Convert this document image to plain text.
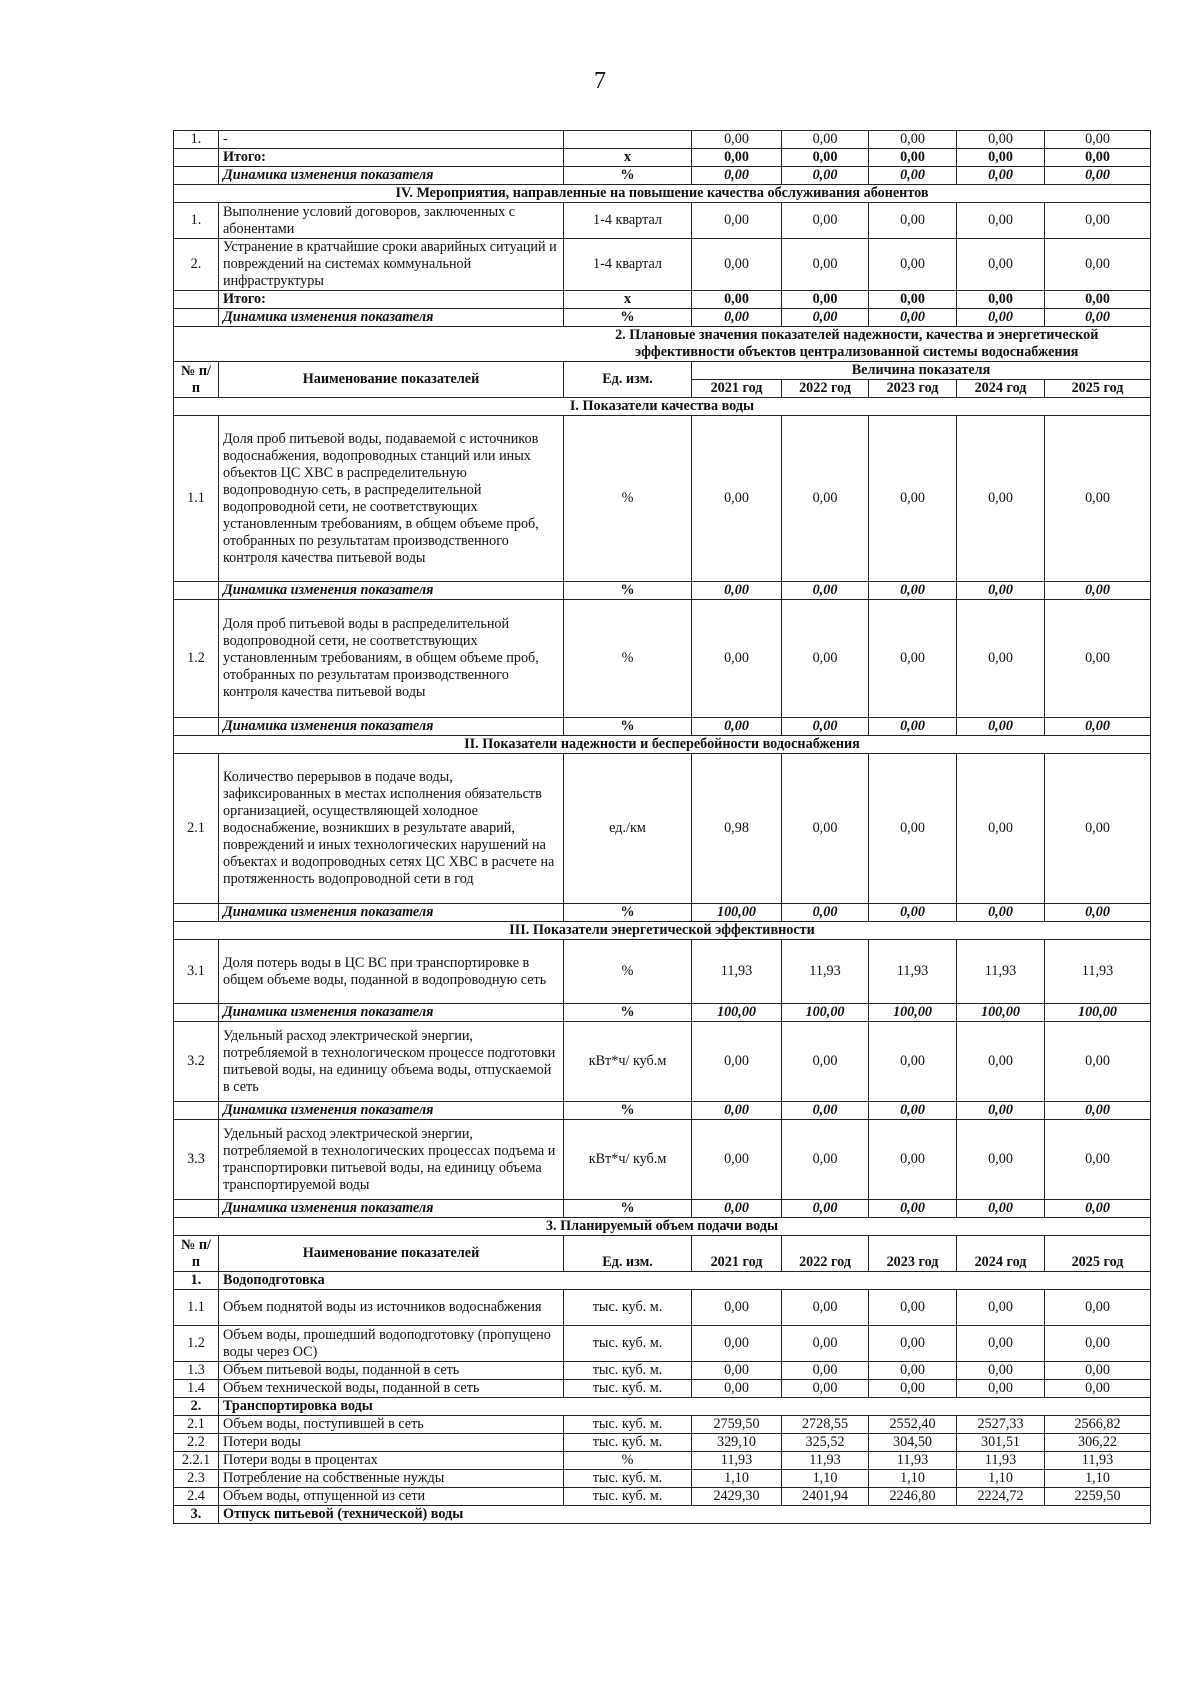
7
1.	-		0,00	0,00	0,00	0,00	0,00
	Итого:	x	0,00	0,00	0,00	0,00	0,00
	Динамика изменения показателя	%	0,00	0,00	0,00	0,00	0,00
IV. Мероприятия, направленные на повышение качества обслуживания абонентов							
1.	Выполнение условий договоров, заключенных с абонентами	1-4 квартал	0,00	0,00	0,00	0,00	0,00
2.	Устранение в кратчайшие сроки аварийных ситуаций и повреждений на системах коммунальной инфраструктуры	1-4 квартал	0,00	0,00	0,00	0,00	0,00
	Итого:	x	0,00	0,00	0,00	0,00	0,00
	Динамика изменения показателя	%	0,00	0,00	0,00	0,00	0,00
		2. Плановые значения показателей надежности, качества и энергетической эффективности объектов централизованной системы водоснабжения					
№ п/п	Наименование показателей	Ед. изм.	Величина показателя				
			2021 год	2022 год	2023 год	2024 год	2025 год
I. Показатели качества воды							
1.1	Доля проб питьевой воды, подаваемой с источников водоснабжения, водопроводных станций или иных объектов ЦС ХВС в распределительную водопроводную сеть, в распределительной водопроводной сети, не соответствующих установленным требованиям, в общем объеме проб, отобранных по результатам производственного контроля качества питьевой воды	%	0,00	0,00	0,00	0,00	0,00
	Динамика изменения показателя	%	0,00	0,00	0,00	0,00	0,00
1.2	Доля проб питьевой воды в распределительной водопроводной сети, не соответствующих установленным требованиям, в общем объеме проб, отобранных по результатам производственного контроля качества питьевой воды	%	0,00	0,00	0,00	0,00	0,00
	Динамика изменения показателя	%	0,00	0,00	0,00	0,00	0,00
II. Показатели надежности и бесперебойности водоснабжения							
2.1	Количество перерывов в подаче воды, зафиксированных в местах исполнения обязательств организацией, осуществляющей холодное водоснабжение, возникших в результате аварий, повреждений и иных технологических нарушений на объектах и водопроводных сетях ЦС ХВС в расчете на протяженность водопроводной сети в год	ед./км	0,98	0,00	0,00	0,00	0,00
	Динамика изменения показателя	%	100,00	0,00	0,00	0,00	0,00
III. Показатели энергетической эффективности							
3.1	Доля потерь воды в ЦС ВС при транспортировке в общем объеме воды, поданной в водопроводную сеть	%	11,93	11,93	11,93	11,93	11,93
	Динамика изменения показателя	%	100,00	100,00	100,00	100,00	100,00
3.2	Удельный расход электрической энергии, потребляемой в технологическом процессе подготовки питьевой воды, на единицу объема воды, отпускаемой в сеть	кВт*ч/ куб.м	0,00	0,00	0,00	0,00	0,00
	Динамика изменения показателя	%	0,00	0,00	0,00	0,00	0,00
3.3	Удельный расход электрической энергии, потребляемой в технологических процессах подъема и транспортировки питьевой воды, на единицу объема транспортируемой воды	кВт*ч/ куб.м	0,00	0,00	0,00	0,00	0,00
	Динамика изменения показателя	%	0,00	0,00	0,00	0,00	0,00
3. Планируемый объем подачи воды							
№ п/п	Наименование показателей	Ед. изм.	2021 год	2022 год	2023 год	2024 год	2025 год
1.	Водоподготовка						
1.1	Объем поднятой воды из источников водоснабжения	тыс. куб. м.	0,00	0,00	0,00	0,00	0,00
1.2	Объем воды, прошедший водоподготовку (пропущено воды через ОС)	тыс. куб. м.	0,00	0,00	0,00	0,00	0,00
1.3	Объем питьевой воды, поданной в сеть	тыс. куб. м.	0,00	0,00	0,00	0,00	0,00
1.4	Объем технической воды, поданной в сеть	тыс. куб. м.	0,00	0,00	0,00	0,00	0,00
2.	Транспортировка воды						
2.1	Объем воды, поступившей в сеть	тыс. куб. м.	2759,50	2728,55	2552,40	2527,33	2566,82
2.2	Потери воды	тыс. куб. м.	329,10	325,52	304,50	301,51	306,22
2.2.1	Потери воды в процентах	%	11,93	11,93	11,93	11,93	11,93
2.3	Потребление на собственные нужды	тыс. куб. м.	1,10	1,10	1,10	1,10	1,10
2.4	Объем воды, отпущенной из сети	тыс. куб. м.	2429,30	2401,94	2246,80	2224,72	2259,50
3.	Отпуск питьевой (технической) воды						
